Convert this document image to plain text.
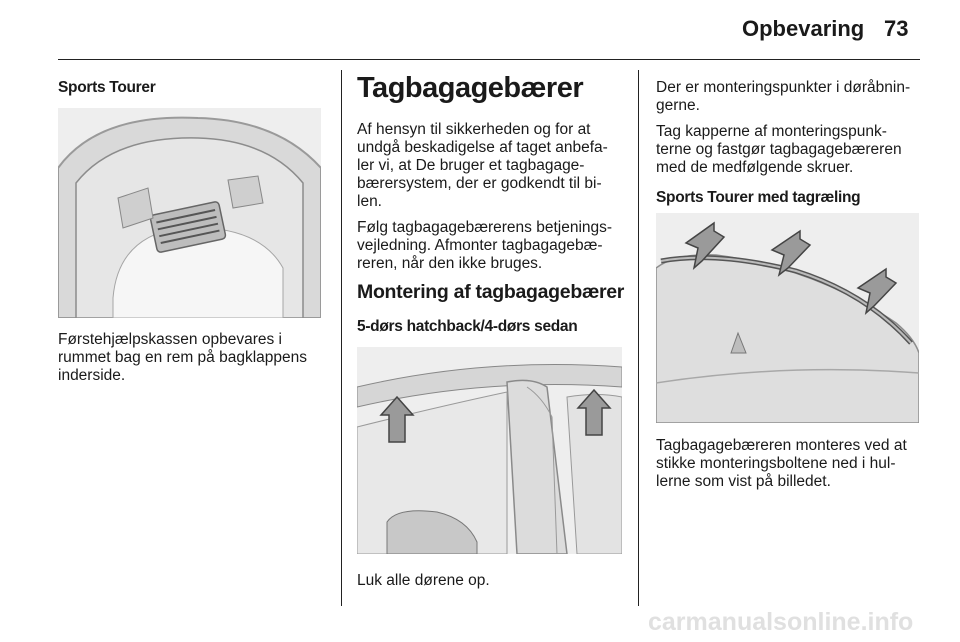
Opbevaring 73
Sports Tourer

Førstehjælpskassen opbevares i
rummet bag en rem på bagklappens
inderside.

Tagbagagebærer

Af hensyn til sikkerheden og for at
undgå beskadigelse af taget anbefa-
ler vi, at De bruger et tagbagage-
bærersystem, der er godkendt til bi-
len.

Følg tagbagagebærerens betjenings-
vejledning. Afmonter tagbagagebæ-
reren, når den ikke bruges.

Montering af tagbagagebærer
5-dørs hatchback/4-dørs sedan

Luk alle dørene op.

Der er monteringspunkter i døråbnin-
gerne.

Tag kapperne af monteringspunk-
terne og fastgør tagbagagebæreren
med de medfølgende skruer.

Sports Tourer med tagræling

Tagbagagebæreren monteres ved at
stikke monteringsboltene ned i hul-
lerne som vist på billedet.

carmanualsonline.info
